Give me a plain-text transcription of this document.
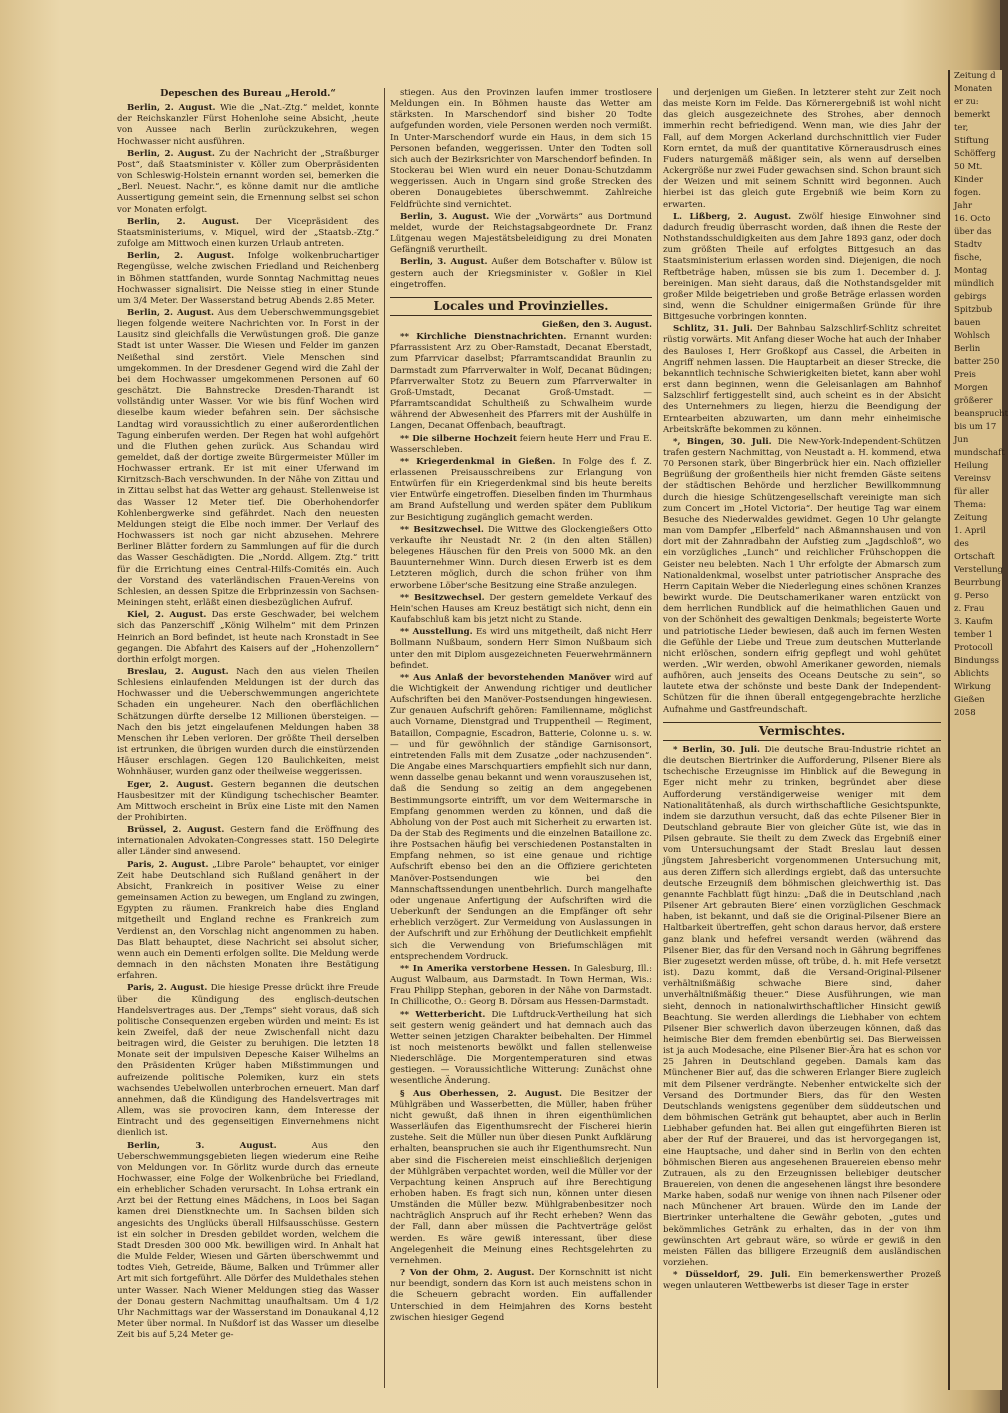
Depeschen des Bureau „Herold.“

Berlin, 2. August. Wie die „Nat.-Ztg.“ meldet, konnte der Reichskanzler Fürst Hohenlohe seine Absicht, ‚heute von Aussee nach Berlin zurückzukehren, wegen Hochwasser nicht ausführen.

Berlin, 2. August. Zu der Nachricht der „Straßburger Post“, daß Staatsminister v. Köller zum Oberpräsidenten von Schleswig-Holstein ernannt worden sei, bemerken die „Berl. Neuest. Nachr.“, es könne damit nur die amtliche Aussertigung gemeint sein, die Ernennung selbst sei schon vor Monaten erfolgt.

Berlin, 2. August. Der Vicepräsident des Staatsministeriums, v. Miquel, wird der „Staatsb.-Ztg.“ zufolge am Mittwoch einen kurzen Urlaub antreten.

Berlin, 2. August. Infolge wolkenbruchartiger Regengüsse, welche zwischen Friedland und Reichenberg in Böhmen stattfanden, wurde Sonntag Nachmittag neues Hochwasser signalisirt. Die Neisse stieg in einer Stunde um 3/4 Meter. Der Wasserstand betrug Abends 2.85 Meter.

Berlin, 2. August. Aus dem Ueberschwemmungsgebiet liegen folgende weitere Nachrichten vor. In Forst in der Lausitz sind gleichfalls die Verwüstungen groß. Die ganze Stadt ist unter Wasser. Die Wiesen und Felder im ganzen Neißethal sind zerstört. Viele Menschen sind umgekommen. In der Dresdener Gegend wird die Zahl der bei dem Hochwasser umgekommenen Personen auf 60 geschätzt. Die Bahnstrecke Dresden-Tharandt ist vollständig unter Wasser. Vor wie bis fünf Wochen wird dieselbe kaum wieder befahren sein. Der sächsische Landtag wird voraussichtlich zu einer außerordentlichen Tagung einberufen werden. Der Regen hat wohl aufgehört und die Fluthen gehen zurück. Aus Schandau wird gemeldet, daß der dortige zweite Bürgermeister Müller im Hochwasser ertrank. Er ist mit einer Uferwand im Kirnitzsch-Bach verschwunden. In der Nähe von Zittau und in Zittau selbst hat das Wetter arg gehaust. Stellenweise ist das Wasser 12 Meter tief. Die Oberhohendorfer Kohlenbergwerke sind gefährdet. Nach den neuesten Meldungen steigt die Elbe noch immer. Der Verlauf des Hochwassers ist noch gar nicht abzusehen. Mehrere Berliner Blätter fordern zu Sammlungen auf für die durch das Wasser Geschädigten. Die „Nordd. Allgem. Ztg.“ tritt für die Errichtung eines Central-Hilfs-Comités ein. Auch der Vorstand des vaterländischen Frauen-Vereins von Schlesien, an dessen Spitze die Erbprinzessin von Sachsen-Meiningen steht, erläßt einen diesbezüglichen Aufruf.

Kiel, 2. August. Das erste Geschwader, bei welchem sich das Panzerschiff „König Wilhelm“ mit dem Prinzen Heinrich an Bord befindet, ist heute nach Kronstadt in See gegangen. Die Abfahrt des Kaisers auf der „Hohenzollern“ dorthin erfolgt morgen.

Breslau, 2. August. Nach den aus vielen Theilen Schlesiens einlaufenden Meldungen ist der durch das Hochwasser und die Ueberschwemmungen angerichtete Schaden ein ungeheurer. Nach den oberflächlichen Schätzungen dürfte derselbe 12 Millionen übersteigen. — Nach den bis jetzt eingelaufenen Meldungen haben 38 Menschen ihr Leben verloren. Der größte Theil derselben ist ertrunken, die übrigen wurden durch die einstürzenden Häuser erschlagen. Gegen 120 Baulichkeiten, meist Wohnhäuser, wurden ganz oder theilweise weggerissen.

Eger, 2. August. Gestern begannen die deutschen Hausbesitzer mit der Kündigung tschechischer Beamter. Am Mittwoch erscheint in Brüx eine Liste mit den Namen der Prohibirten.

Brüssel, 2. August. Gestern fand die Eröffnung des internationalen Advokaten-Congresses statt. 150 Delegirte aller Länder sind anwesend.

Paris, 2. August. „Libre Parole“ behauptet, vor einiger Zeit habe Deutschland sich Rußland genähert in der Absicht, Frankreich in positiver Weise zu einer gemeinsamen Action zu bewegen, um England zu zwingen, Egypten zu räumen. Frankreich habe dies England mitgetheilt und England rechne es Frankreich zum Verdienst an, den Vorschlag nicht angenommen zu haben. Das Blatt behauptet, diese Nachricht sei absolut sicher, wenn auch ein Dementi erfolgen sollte. Die Meldung werde demnach in den nächsten Monaten ihre Bestätigung erfahren.

Paris, 2. August. Die hiesige Presse drückt ihre Freude über die Kündigung des englisch-deutschen Handelsvertrages aus. Der „Temps“ sieht voraus, daß sich politische Consequenzen ergeben würden und meint: Es ist kein Zweifel, daß der neue Zwischenfall nicht dazu beitragen wird, die Geister zu beruhigen. Die letzten 18 Monate seit der impulsiven Depesche Kaiser Wilhelms an den Präsidenten Krüger haben Mißstimmungen und aufreizende politische Polemiken, kurz ein stets wachsendes Uebelwollen unterbrochen erneuert. Man darf annehmen, daß die Kündigung des Handelsvertrages mit Allem, was sie provociren kann, dem Interesse der Eintracht und des gegenseitigen Einvernehmens nicht dienlich ist.

Berlin, 3. August.	Aus den Ueberschwemmungsgebieten liegen wiederum eine Reihe von Meldungen vor. In Görlitz wurde durch das erneute Hochwasser, eine Folge der Wolkenbrüche bei Friedland, ein erheblicher Schaden verursacht. In Lohsa ertrank ein Arzt bei der Rettung eines Mädchens, in Loos bei Sagan kamen drei Dienstknechte um. In Sachsen bilden sich angesichts des Unglücks überall Hilfsausschüsse. Gestern ist ein solcher in Dresden gebildet worden, welchem die Stadt Dresden 300 000 Mk. bewilligen wird. In Anhalt hat die Mulde Felder, Wiesen und Gärten überschwemmt und todtes Vieh, Getreide, Bäume, Balken und Trümmer aller Art mit sich fortgeführt. Alle Dörfer des Muldethales stehen unter Wasser. Nach Wiener Meldungen stieg das Wasser der Donau gestern Nachmittag unaufhaltsam. Um 4 1/2 Uhr Nachmittags war der Wasserstand im Donaukanal 4,12 Meter über normal. In Nußdorf ist das Wasser um dieselbe Zeit bis auf 5,24 Meter ge-

stiegen. Aus den Provinzen laufen immer trostlosere Meldungen ein. In Böhmen hauste das Wetter am stärksten. In Marschendorf sind bisher 20 Todte aufgefunden worden, viele Personen werden noch vermißt. In Unter-Marschendorf wurde ein Haus, in dem sich 15 Personen befanden, weggerissen. Unter den Todten soll sich auch der Bezirksrichter von Marschendorf befinden. In Stockerau bei Wien wurd ein neuer Donau-Schutzdamm weggerissen. Auch in Ungarn sind große Strecken des oberen Donaugebietes überschwemmt. Zahlreiche Feldfrüchte sind vernichtet.

Berlin, 3. August. Wie der „Vorwärts“ aus Dortmund meldet, wurde der Reichstagsabgeordnete Dr. Franz Lütgenau wegen Majestätsbeleidigung zu drei Monaten Gefängniß verurtheilt.

Berlin, 3. August. Außer dem Botschafter v. Bülow ist gestern auch der Kriegsminister v. Goßler in Kiel eingetroffen.

Locales und Provinzielles.

Gießen, den 3. August.

** Kirchliche Dienstnachrichten. Ernannt wurden: Pfarrassistent Arz zu Ober-Ramstadt, Decanat Eberstadt, zum Pfarrvicar daselbst; Pfarramtscandidat Braunlin zu Darmstadt zum Pfarrverwalter in Wolf, Decanat Büdingen; Pfarrverwalter Stotz zu Beuern zum Pfarrverwalter in Groß-Umstadt, Decanat Groß-Umstadt. — Pfarramtscandidat Schultheiß zu Schwalheim wurde während der Abwesenheit des Pfarrers mit der Aushülfe in Langen, Decanat Offenbach, beauftragt.

** Die silberne Hochzeit feiern heute Herr und Frau E. Wasserschleben.

** Kriegerdenkmal in Gießen. In Folge des f. Z. erlassenen Preisausschreibens zur Erlangung von Entwürfen für ein Kriegerdenkmal sind bis heute bereits vier Entwürfe eingetroffen. Dieselben finden im Thurmhaus am Brand Aufstellung und werden später dem Publikum zur Besichtigung zugänglich gemacht werden.

** Besitzwechsel. Die Wittwe des Glockengießers Otto verkaufte ihr Neustadt Nr. 2 (in den alten Ställen) belegenes Häuschen für den Preis von 5000 Mk. an den Bauunternehmer Winn. Durch diesen Erwerb ist es dem Letzteren möglich, durch die schon früher von ihm erworbene Löber'sche Besitzung eine Straße anzulegen.

** Besitzwechsel. Der gestern gemeldete Verkauf des Hein'schen Hauses am Kreuz bestätigt sich nicht, denn ein Kaufabschluß kam bis jetzt nicht zu Stande.

** Ausstellung. Es wird uns mitgetheilt, daß nicht Herr Bollmann Nußbaum, sondern Herr Simon Nußbaum sich unter den mit Diplom ausgezeichneten Feuerwehrmännern befindet.

** Aus Anlaß der bevorstehenden Manöver wird auf die Wichtigkeit der Anwendung richtiger und deutlicher Aufschriften bei den Manöver-Postsendungen hingewiesen. Zur genauen Aufschrift gehören: Familienname, möglichst auch Vorname, Dienstgrad und Truppentheil — Regiment, Bataillon, Compagnie, Escadron, Batterie, Colonne u. s. w. — und für gewöhnlich der ständige Garnisonsort, eintretenden Falls mit dem Zusatze „oder nachzusenden“. Die Angabe eines Marschquartiers empfiehlt sich nur dann, wenn dasselbe genau bekannt und wenn vorauszusehen ist, daß die Sendung so zeitig an dem angegebenen Bestimmungsorte eintrifft, um vor dem Weitermarsche in Empfang genommen werden zu können, und daß die Abholung von der Post auch mit Sicherheit zu erwarten ist. Da der Stab des Regiments und die einzelnen Bataillone zc. ihre Postsachen häufig bei verschiedenen Postanstalten in Empfang nehmen, so ist eine genaue und richtige Aufschrift ebenso bei den an die Offiziere gerichteten Manöver-Postsendungen wie bei den Mannschaftssendungen unentbehrlich. Durch mangelhafte oder ungenaue Anfertigung der Aufschriften wird die Ueberkunft der Sendungen an die Empfänger oft sehr erheblich verzögert. Zur Vermeidung von Auslassungen in der Aufschrift und zur Erhöhung der Deutlichkeit empfiehlt sich die Verwendung von Briefumschlägen mit entsprechendem Vordruck.

** In Amerika verstorbene Hessen. In Galesburg, Ill.: August Walbaum, aus Darmstadt. In Town Herman, Wis.: Frau Philipp Stephan, geboren in der Nähe von Darmstadt. In Chillicothe, O.: Georg B. Dörsam aus Hessen-Darmstadt.

** Wetterbericht. Die Luftdruck-Vertheilung hat sich seit gestern wenig geändert und hat demnach auch das Wetter seinen jetzigen Charakter beibehalten. Der Himmel ist noch meistenorts bewölkt und fallen stellenweise Niederschläge. Die Morgentemperaturen sind etwas gestiegen. — Voraussichtliche Witterung: Zunächst ohne wesentliche Änderung.

§ Aus Oberhessen, 2. August. Die Besitzer der Mühlgräben und Wasserbetten, die Müller, haben früher nicht gewußt, daß ihnen in ihren eigenthümlichen Wasserläufen das Eigenthumsrecht der Fischerei hierin zustehe. Seit die Müller nun über diesen Punkt Aufklärung erhalten, beanspruchen sie auch ihr Eigenthumsrecht. Nun aber sind die Fischereien meist einschließlich derjenigen der Mühlgräben verpachtet worden, weil die Müller vor der Verpachtung keinen Anspruch auf ihre Berechtigung erhoben haben. Es fragt sich nun, können unter diesen Umständen die Müller bezw. Mühlgrabenbesitzer noch nachträglich Anspruch auf ihr Recht erheben? Wenn das der Fall, dann aber müssen die Pachtverträge gelöst werden. Es wäre gewiß interessant, über diese Angelegenheit die Meinung eines Rechtsgelehrten zu vernehmen.

? Von der Ohm, 2. August. Der Kornschnitt ist nicht nur beendigt, sondern das Korn ist auch meistens schon in die Scheuern gebracht worden. Ein auffallender Unterschied in dem Heimjahren des Korns besteht zwischen hiesiger Gegend

und derjenigen um Gießen. In letzterer steht zur Zeit noch das meiste Korn im Felde. Das Körnerergebniß ist wohl nicht das gleich ausgezeichnete des Strohes, aber dennoch immerhin recht befriedigend. Wenn man, wie dies Jahr der Fall, auf dem Morgen Ackerland durchschnittlich vier Fuder Korn erntet, da muß der quantitative Körnerausdrusch eines Fuders naturgemäß mäßiger sein, als wenn auf derselben Ackergröße nur zwei Fuder gewachsen sind. Schon braunt sich der Weizen und mit seinem Schnitt wird begonnen. Auch hierbei ist das gleich gute Ergebniß wie beim Korn zu erwarten.

L. Lißberg, 2. August. Zwölf hiesige Einwohner sind dadurch freudig überrascht worden, daß ihnen die Reste der Nothstandsschuldigkeiten aus dem Jahre 1893 ganz, oder doch zum größten Theile auf erfolgtes Bittgesuch an das Staatsministerium erlassen worden sind. Diejenigen, die noch Reftbeträge haben, müssen sie bis zum 1. December d. J. bereinigen. Man sieht daraus, daß die Nothstandsgelder mit großer Milde beigetrieben und große Beträge erlassen worden sind, wenn die Schuldner einigermaßen Gründe für ihre Bittgesuche vorbringen konnten.

Schlitz, 31. Juli. Der Bahnbau Salzschlirf-Schlitz schreitet rüstig vorwärts. Mit Anfang dieser Woche hat auch der Inhaber des Bauloses I, Herr Großkopf aus Cassel, die Arbeiten in Angriff nehmen lassen. Die Hauptarbeit an dieser Strecke, die bekanntlich technische Schwierigkeiten bietet, kann aber wohl erst dann beginnen, wenn die Geleisanlagen am Bahnhof Salzschlirf fertiggestellt sind, auch scheint es in der Absicht des Unternehmers zu liegen, hierzu die Beendigung der Erntearbeiten abzuwarten, um dann mehr einheimische Arbeitskräfte bekommen zu können.

*, Bingen, 30. Juli. Die New-York-Independent-Schützen trafen gestern Nachmittag, von Neustadt a. H. kommend, etwa 70 Personen stark, über Bingerbrück hier ein. Nach offizieller Begrüßung der großentheils hier nicht fremden Gäste seitens der städtischen Behörde und herzlicher Bewillkommnung durch die hiesige Schützengesellschaft vereinigte man sich zum Concert im „Hotel Victoria“. Der heutige Tag war einem Besuche des Niederwaldes gewidmet. Gegen 10 Uhr gelangte man vom Dampfer „Elberfeld“ nach Aßmannshausen und von dort mit der Zahnradbahn der Aufstieg zum „Jagdschloß“, wo ein vorzügliches „Lunch“ und reichlicher Frühschoppen die Geister neu belebten. Nach 1 Uhr erfolgte der Abmarsch zum Nationaldenkmal, woselbst unter patriotischer Ansprache des Herrn Capitain Weber die Niederlegung eines schönen Kranzes bewirkt wurde. Die Deutschamerikaner waren entzückt von dem herrlichen Rundblick auf die heimathlichen Gauen und von der Schönheit des gewaltigen Denkmals; begeisterte Worte und patriotische Lieder bewiesen, daß auch im fernen Westen die Gefühle der Liebe und Treue zum deutschen Mutterlande nicht erlöschen, sondern eifrig gepflegt und wohl gehütet werden. „Wir werden, obwohl Amerikaner geworden, niemals aufhören, auch jenseits des Oceans Deutsche zu sein“, so lautete etwa der schönste und beste Dank der Independent-Schützen für die ihnen überall entgegengebrachte herzliche Aufnahme und Gastfreundschaft.

Vermischtes.

* Berlin, 30. Juli. Die deutsche Brau-Industrie richtet an die deutschen Biertrinker die Aufforderung, Pilsener Biere als tschechische Erzeugnisse im Hinblick auf die Bewegung in Eger nicht mehr zu trinken, begründet aber diese Aufforderung verständigerweise weniger mit dem Nationalitätenhaß, als durch wirthschaftliche Gesichtspunkte, indem sie darzuthun versucht, daß das echte Pilsener Bier in Deutschland gebraute Bier von gleicher Güte ist, wie das in Pilsen gebraute. Sie theilt zu dem Zweck das Ergebniß einer vom Untersuchungsamt der Stadt Breslau laut dessen jüngstem Jahresbericht vorgenommenen Untersuchung mit, aus deren Ziffern sich allerdings ergiebt, daß das untersuchte deutsche Erzeugniß dem böhmischen gleichwerthig ist. Das genannte Fachblatt fügt hinzu: „Daß die in Deutschland ‚nach Pilsener Art gebrauten Biere‘ einen vorzüglichen Geschmack haben, ist bekannt, und daß sie die Original-Pilsener Biere an Haltbarkeit übertreffen, geht schon daraus hervor, daß erstere ganz blank und hefefrei versandt werden (während das Pilsener Bier, das für den Versand noch in Gährung begriffenes Bier zugesetzt werden müsse, oft trübe, d. h. mit Hefe versetzt ist). Dazu kommt, daß die Versand-Original-Pilsener verhältnißmäßig schwache Biere sind, daher unverhältnißmäßig theuer.“ Diese Ausführungen, wie man sieht, dennoch in nationalwirthschaftlicher Hinsicht gewiß Beachtung. Sie werden allerdings die Liebhaber von echtem Pilsener Bier schwerlich davon überzeugen können, daß das heimische Bier dem fremden ebenbürtig sei. Das Bierweissen ist ja auch Modesache, eine Pilsener Bier-Ära hat es schon vor 25 Jahren in Deutschland gegeben. Damals kam das Münchener Bier auf, das die schweren Erlanger Biere zugleich mit dem Pilsener verdrängte. Nebenher entwickelte sich der Versand des Dortmunder Biers, das für den Westen Deutschlands wenigstens gegenüber dem süddeutschen und dem böhmischen Getränk gut behauptet, aber auch in Berlin Liebhaber gefunden hat. Bei allen gut eingeführten Bieren ist aber der Ruf der Brauerei, und das ist hervorgegangen ist, eine Hauptsache, und daher sind in Berlin von den echten böhmischen Bieren aus angesehenen Brauereien ebenso mehr Zutrauen, als zu den Erzeugnissen beliebiger deutscher Brauereien, von denen die angesehenen längst ihre besondere Marke haben, sodaß nur wenige von ihnen nach Pilsener oder nach Münchener Art brauen. Würde den im Lande der Biertrinker unterhaltene die Gewähr geboten, „gutes und bekömmliches Getränk zu erhalten, das in der von ihm gewünschten Art gebraut wäre, so würde er gewiß in den meisten Fällen das billigere Erzeugniß dem ausländischen vorziehen.

* Düsseldorf, 29. Juli. Ein bemerkenswerther Prozeß wegen unlauteren Wettbewerbs ist dieser Tage in erster

Zeitung d
Monaten
er zu:
bemerkt
ter,
Stiftung
Schöfferg
50 Mt.
Kinder
fogen.
Jahr
16. Octo
über das
Stadtv
fische,
Montag
mündlich
gebirgs
Spitzbub
bauen
Wohlsch
Berlin
batter 250
Preis
Morgen
größerer
beansprucht
bis um 17
Jun
mundschaft
Heilung
Vereinsv
für aller
Thema:
Zeitung
1. April
des
Ortschaft
Verstellung
Beurrbung
g. Perso
z. Frau
3. Kaufm
tember 1
Protocoll
Bindungss
Ablichts
Wirkung
Gießen
2058
